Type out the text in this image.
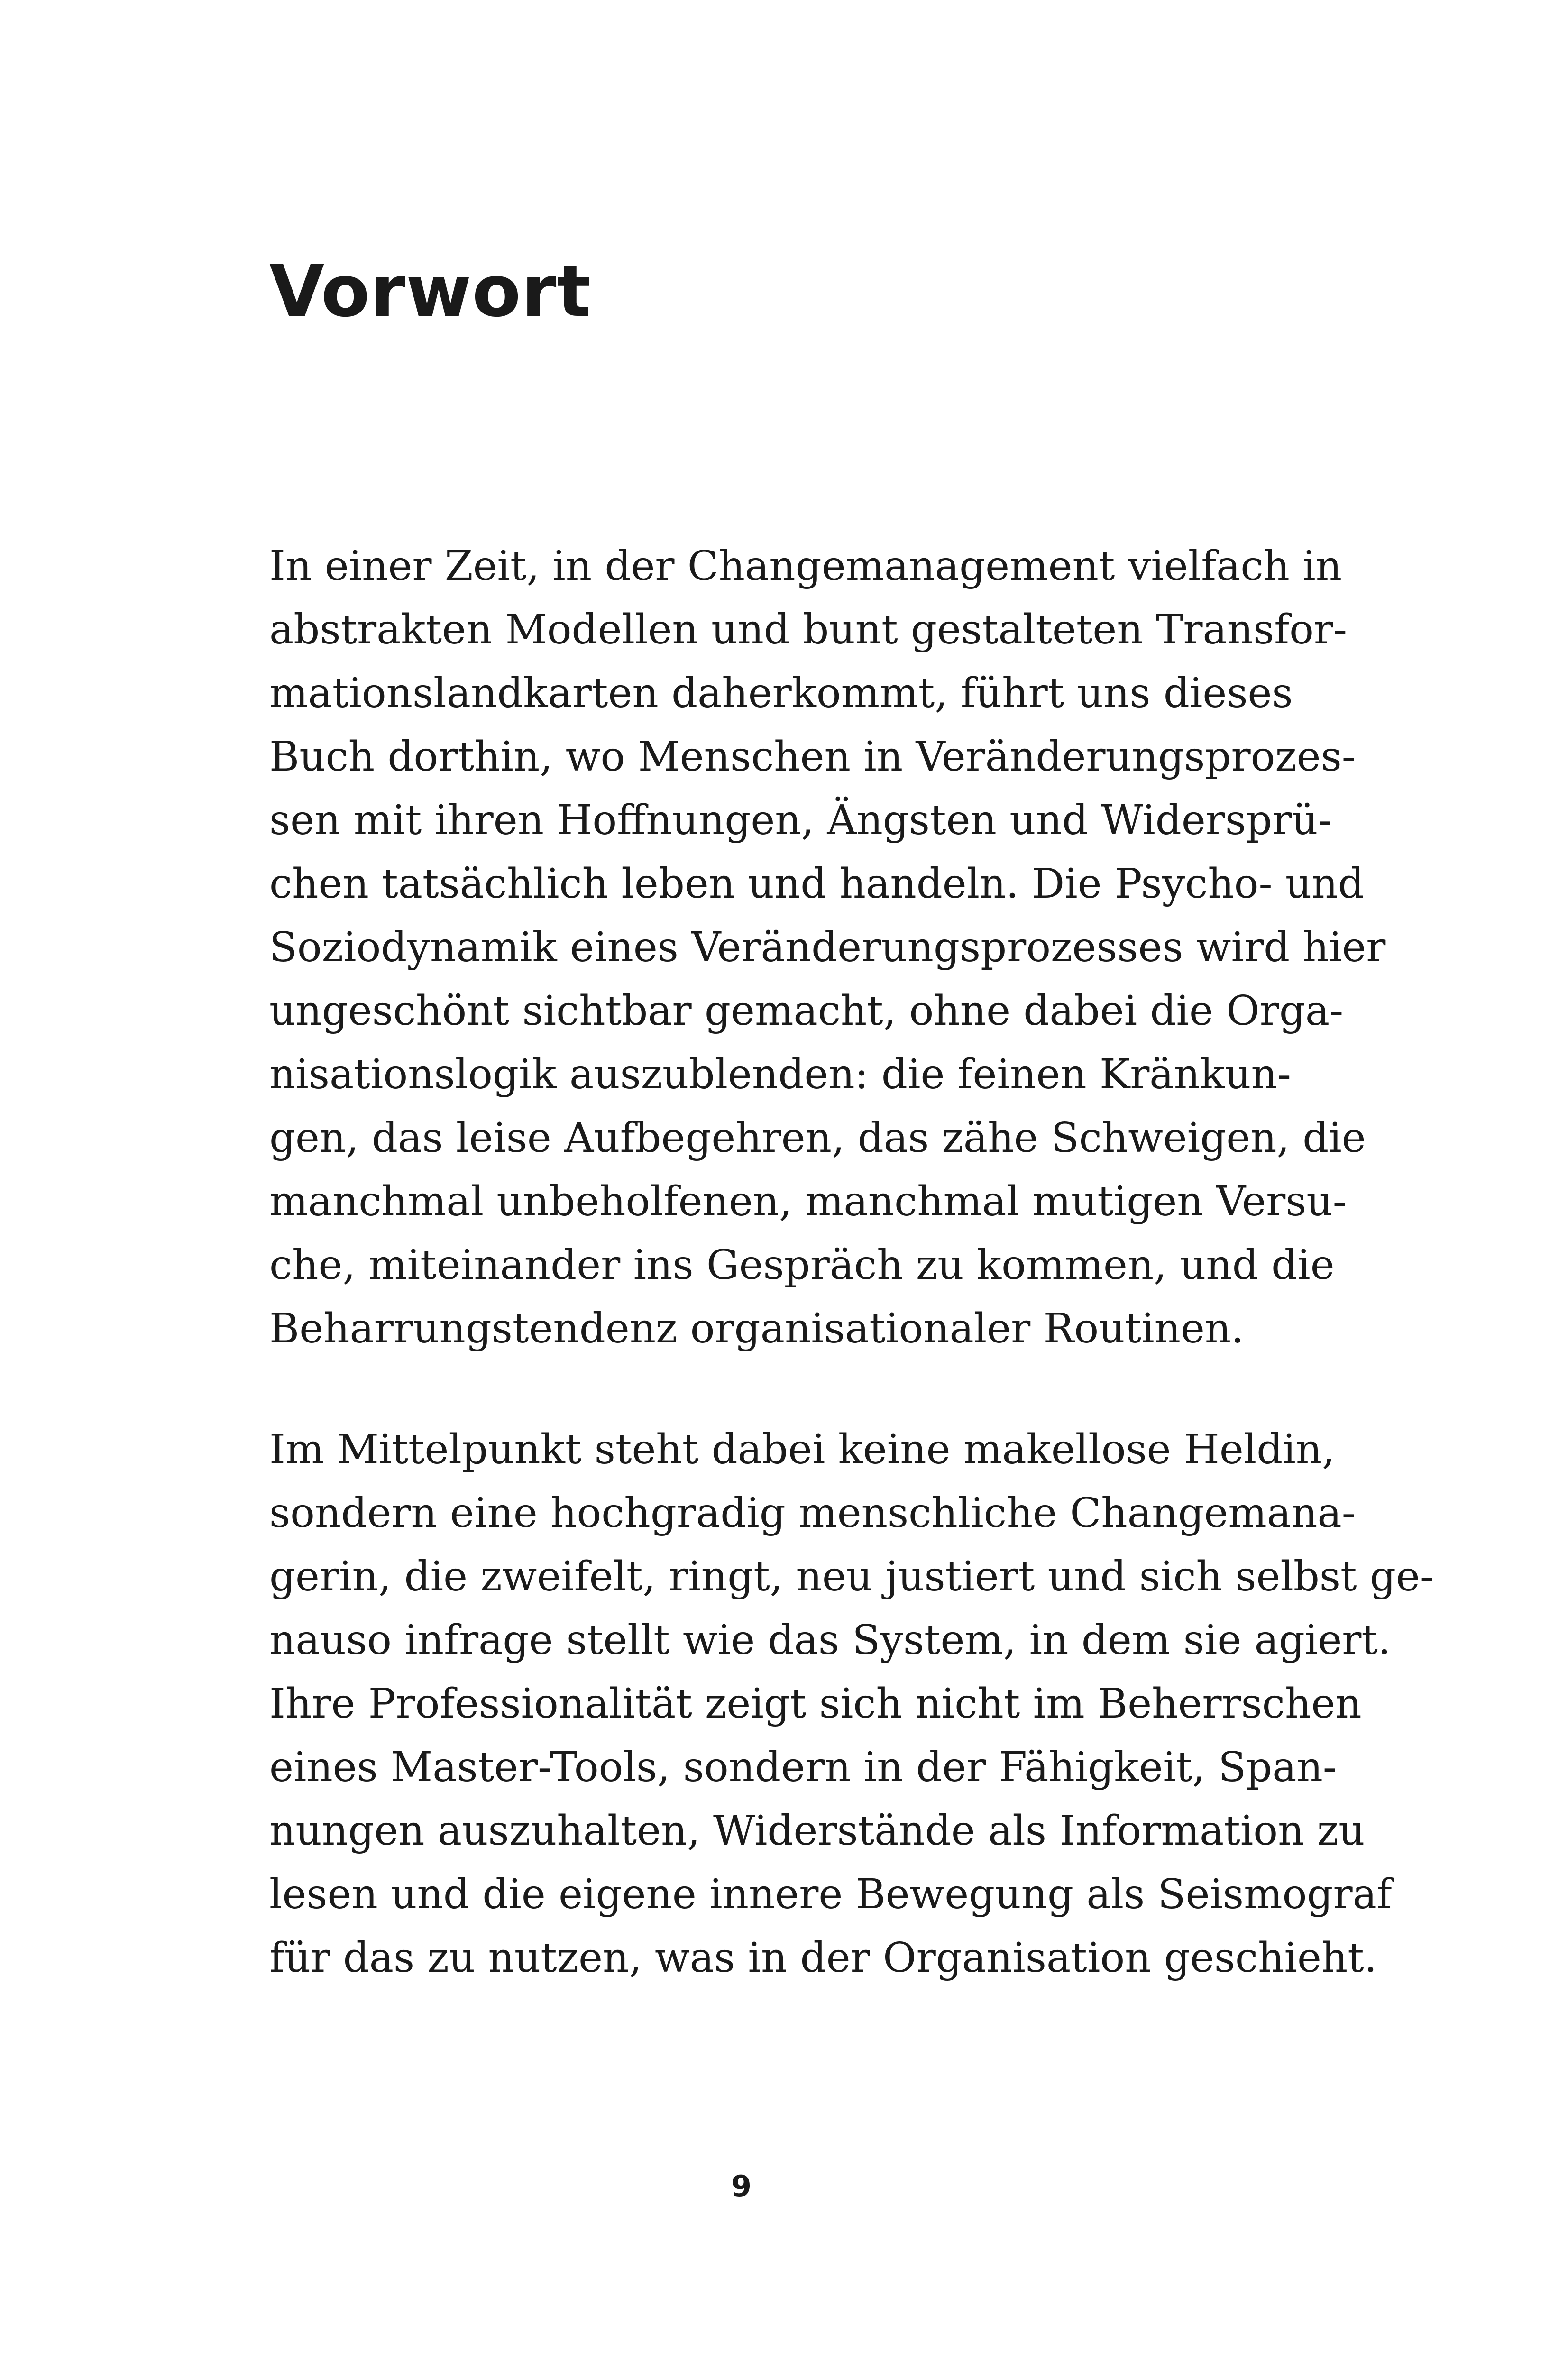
Vorwort
In einer Zeit, in der Changemanagement vielfach in
abstrakten Modellen und bunt gestalteten Transfor-
mationslandkarten daherkommt, führt uns dieses
Buch dorthin, wo Menschen in Veränderungsprozes-
sen mit ihren Hoffnungen, Ängsten und Widersprü-
chen tatsächlich leben und handeln. Die Psycho- und
Soziodynamik eines Veränderungsprozesses wird hier
ungeschönt sichtbar gemacht, ohne dabei die Orga-
nisationslogik auszublenden: die feinen Kränkun-
gen, das leise Aufbegehren, das zähe Schweigen, die
manchmal unbeholfenen, manchmal mutigen Versu-
che, miteinander ins Gespräch zu kommen, und die
Beharrungstendenz organisationaler Routinen.
Im Mittelpunkt steht dabei keine makellose Heldin,
sondern eine hochgradig menschliche Changemana-
gerin, die zweifelt, ringt, neu justiert und sich selbst ge-
nauso infrage stellt wie das System, in dem sie agiert.
Ihre Professionalität zeigt sich nicht im Beherrschen
eines Master-Tools, sondern in der Fähigkeit, Span-
nungen auszuhalten, Widerstände als Information zu
lesen und die eigene innere Bewegung als Seismograf
für das zu nutzen, was in der Organisation geschieht.
9
